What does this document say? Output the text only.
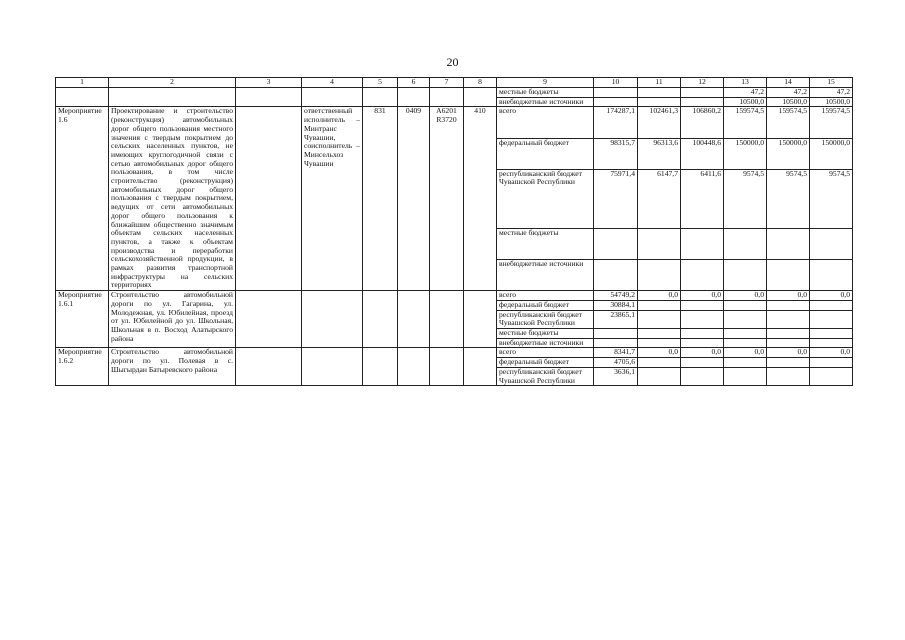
20
1	2	3	4	5	6	7	8	9	10	11	12	13	14	15
								местные бюджеты				47,2	47,2	47,2
								внебюджетные источники				10500,0	10500,0	10500,0
Мероприятие 1.6	Проектирование и строительство (реконструкция) автомобильных дорог общего пользования местного значения с твердым покрытием до сельских населенных пунктов, не имеющих круглогодичной связи с сетью автомобильных дорог общего пользования, в том числе строительство (реконструкция) автомобильных дорог общего пользования с твердым покрытием, ведущих от сети автомобильных дорог общего пользования к ближайшим общественно значимым объектам сельских населенных пунктов, а также к объектам производства и переработки сельскохозяйственной продукции, в рамках развития транспортной инфраструктуры на сельских территориях		ответственный исполнитель – Минтранс Чувашии, соисполнитель – Минсельхоз Чувашии	831	0409	А6201 R3720	410	всего	174287,1	102461,3	106860,2	159574,5	159574,5	159574,5
								федеральный бюджет	98315,7	96313,6	100448,6	150000,0	150000,0	150000,0
								республиканский бюджет Чувашской Республики	75971,4	6147,7	6411,6	9574,5	9574,5	9574,5
								местные бюджеты						
								внебюджетные источники						
Мероприятие 1.6.1	Строительство автомобильной дороги по ул. Гагарина, ул. Молодежная, ул. Юбилейная, проезд от ул. Юбилейной до ул. Школьная, Школьная в п. Восход Алатырского района							всего	54749,2	0,0	0,0	0,0	0,0	0,0
								федеральный бюджет	30884,1					
								республиканский бюджет Чувашской Республики	23865,1					
								местные бюджеты						
								внебюджетные источники						
Мероприятие 1.6.2	Строительство автомобильной дороги по ул. Полевая в с. Шыгырдан Батыревского района							всего	8341,7	0,0	0,0	0,0	0,0	0,0
								федеральный бюджет	4705,6					
								республиканский бюджет Чувашской Республики	3636,1					
